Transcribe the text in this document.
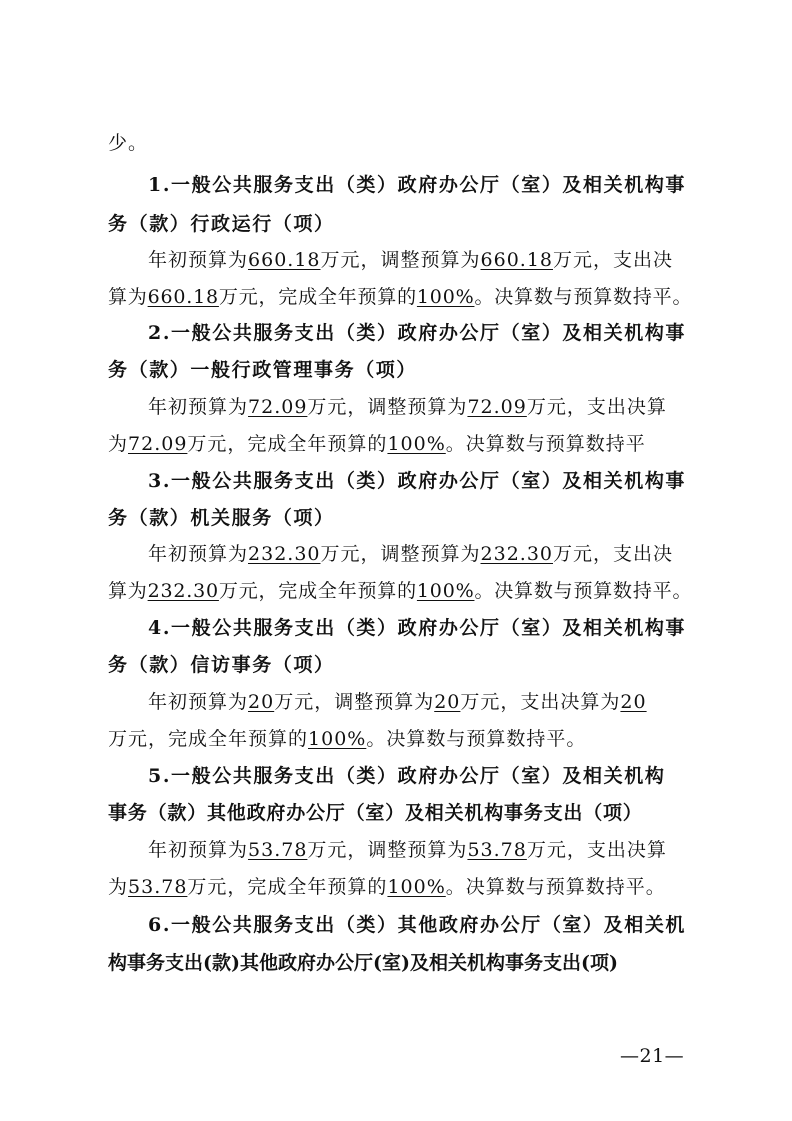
少。
1.一般公共服务支出（类）政府办公厅（室）及相关机构事
务（款）行政运行（项）
年初预算为660.18万元，调整预算为660.18万元，支出决
算为660.18万元，完成全年预算的100%。决算数与预算数持平。
2.一般公共服务支出（类）政府办公厅（室）及相关机构事
务（款）一般行政管理事务（项）
年初预算为72.09万元，调整预算为72.09万元，支出决算
为72.09万元，完成全年预算的100%。决算数与预算数持平
3.一般公共服务支出（类）政府办公厅（室）及相关机构事
务（款）机关服务（项）
年初预算为232.30万元，调整预算为232.30万元，支出决
算为232.30万元，完成全年预算的100%。决算数与预算数持平。
4.一般公共服务支出（类）政府办公厅（室）及相关机构事
务（款）信访事务（项）
年初预算为20万元，调整预算为20万元，支出决算为20
万元，完成全年预算的100%。决算数与预算数持平。
5.一般公共服务支出（类）政府办公厅（室）及相关机构
事务（款）其他政府办公厅（室）及相关机构事务支出（项）
年初预算为53.78万元，调整预算为53.78万元，支出决算
为53.78万元，完成全年预算的100%。决算数与预算数持平。
6.一般公共服务支出（类）其他政府办公厅（室）及相关机
构事务支出(款)其他政府办公厅(室)及相关机构事务支出(项)
—21—
